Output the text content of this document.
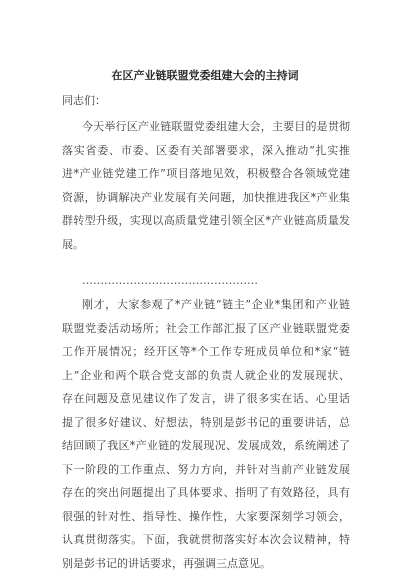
在区产业链联盟党委组建大会的主持词
同志们：
今天举行区产业链联盟党委组建大会，主要目的是贯彻
落实省委、市委、区委有关部署要求，深入推动“扎实推
进*产业链党建工作”项目落地见效，积极整合各领域党建
资源，协调解决产业发展有关问题，加快推进我区*产业集
群转型升级，实现以高质量党建引领全区*产业链高质量发
展。
…………………………………………
刚才，大家参观了*产业链“链主”企业*集团和产业链
联盟党委活动场所；社会工作部汇报了区产业链联盟党委
工作开展情况；经开区等*个工作专班成员单位和*家“链
上”企业和两个联合党支部的负责人就企业的发展现状、
存在问题及意见建议作了发言，讲了很多实在话、心里话
提了很多好建议、好想法，特别是彭书记的重要讲话，总
结回顾了我区*产业链的发展现况、发展成效，系统阐述了
下一阶段的工作重点、努力方向，并针对当前产业链发展
存在的突出问题提出了具体要求、指明了有效路径，具有
很强的针对性、指导性、操作性，大家要深刻学习领会，
认真贯彻落实。下面，我就贯彻落实好本次会议精神，特
别是彭书记的讲话要求，再强调三点意见。
